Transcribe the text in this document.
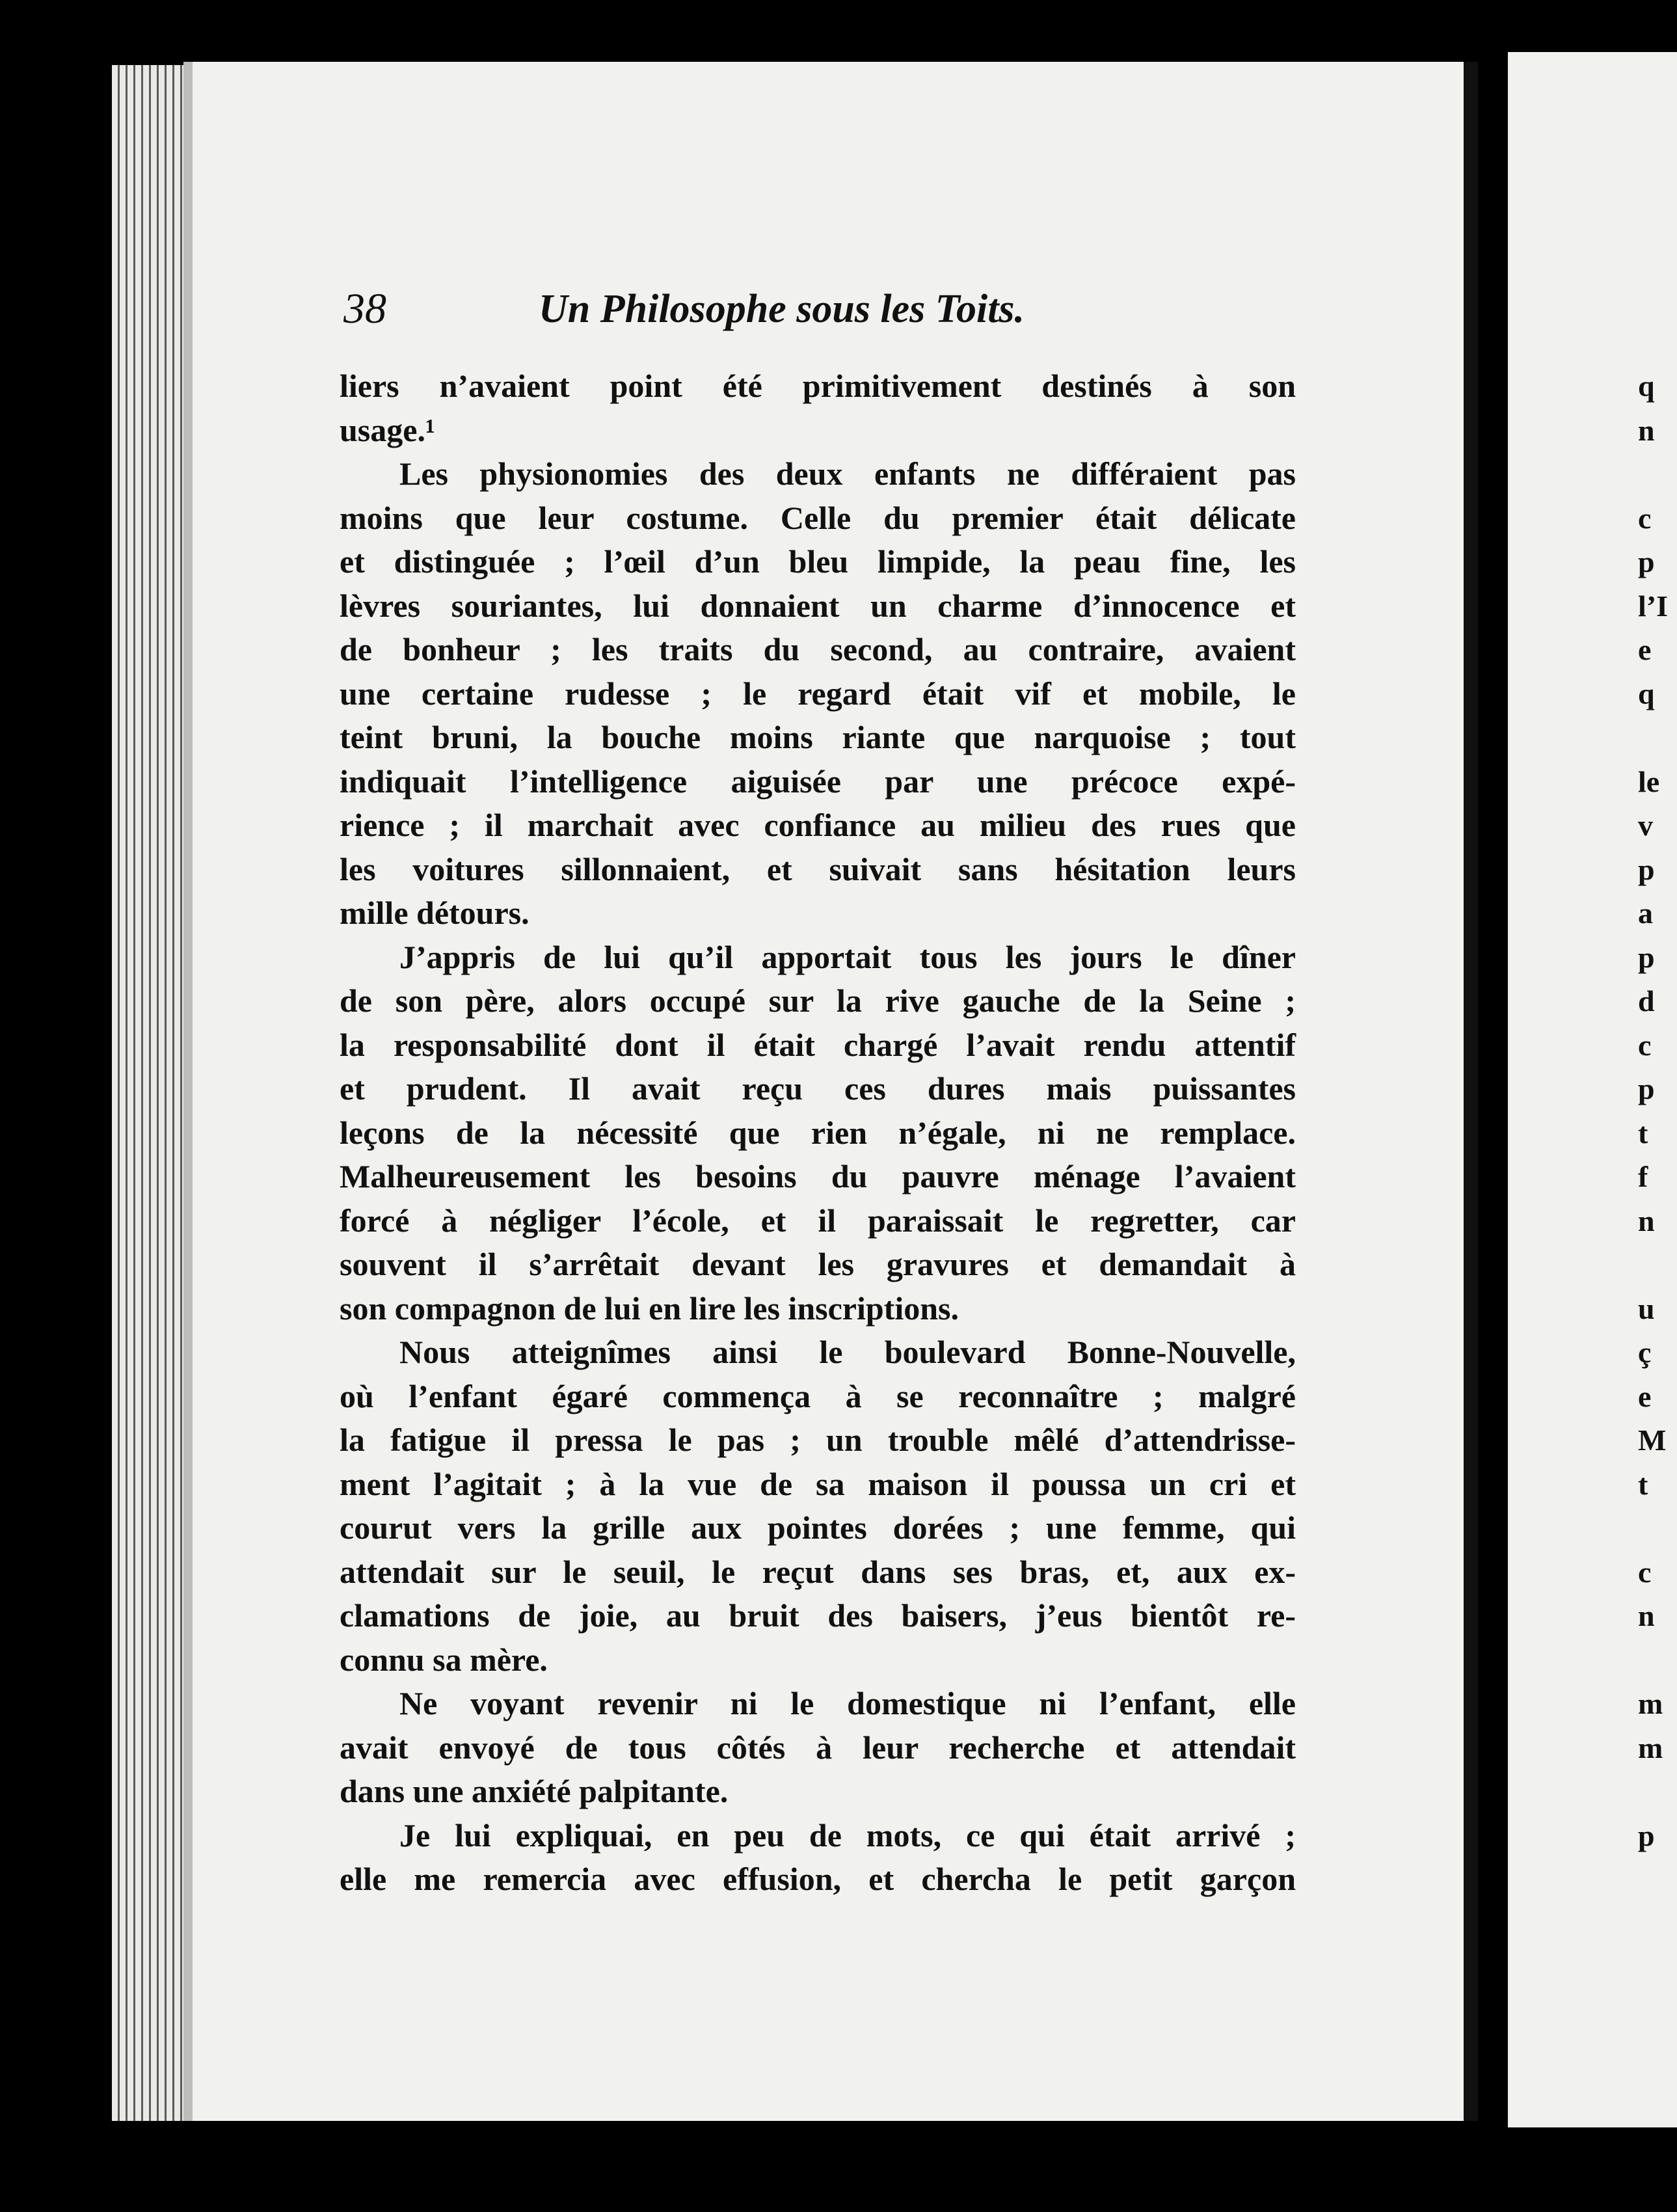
38	Un Philosophe sous les Toits.
liers n’avaient point été primitivement destinés à son
usage.¹
Les physionomies des deux enfants ne différaient pas
moins que leur costume. Celle du premier était délicate
et distinguée ; l’œil d’un bleu limpide, la peau fine, les
lèvres souriantes, lui donnaient un charme d’innocence et
de bonheur ; les traits du second, au contraire, avaient
une certaine rudesse ; le regard était vif et mobile, le
teint bruni, la bouche moins riante que narquoise ; tout
indiquait l’intelligence aiguisée par une précoce expé-
rience ; il marchait avec confiance au milieu des rues que
les voitures sillonnaient, et suivait sans hésitation leurs
mille détours.
J’appris de lui qu’il apportait tous les jours le dîner
de son père, alors occupé sur la rive gauche de la Seine ;
la responsabilité dont il était chargé l’avait rendu attentif
et prudent. Il avait reçu ces dures mais puissantes
leçons de la nécessité que rien n’égale, ni ne remplace.
Malheureusement les besoins du pauvre ménage l’avaient
forcé à négliger l’école, et il paraissait le regretter, car
souvent il s’arrêtait devant les gravures et demandait à
son compagnon de lui en lire les inscriptions.
Nous atteignîmes ainsi le boulevard Bonne-Nouvelle,
où l’enfant égaré commença à se reconnaître ; malgré
la fatigue il pressa le pas ; un trouble mêlé d’attendrisse-
ment l’agitait ; à la vue de sa maison il poussa un cri et
courut vers la grille aux pointes dorées ; une femme, qui
attendait sur le seuil, le reçut dans ses bras, et, aux ex-
clamations de joie, au bruit des baisers, j’eus bientôt re-
connu sa mère.
Ne voyant revenir ni le domestique ni l’enfant, elle
avait envoyé de tous côtés à leur recherche et attendait
dans une anxiété palpitante.
Je lui expliquai, en peu de mots, ce qui était arrivé ;
elle me remercia avec effusion, et chercha le petit garçon
q
n
c
p
l’I
e
q
le
v
p
a
p
d
c
p
t
f
n
u
ç
e
M
t
c
n
m
m
p
